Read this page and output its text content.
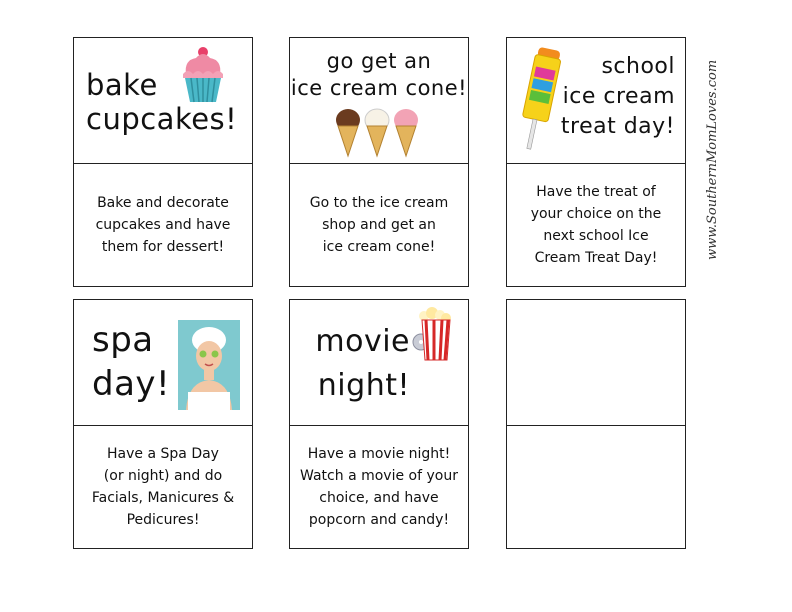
bake
cupcakes!
Bake and decorate
cupcakes and have
them for dessert!
go get an
ice cream cone!
Go to the ice cream
shop and get an
ice cream cone!
school
ice cream
treat day!
Have the treat of
your choice on the
next school Ice
Cream Treat Day!
spa
day!
Have a Spa Day
(or night) and do
Facials, Manicures &
Pedicures!
movie
night!
Have a movie night!
Watch a movie of your
choice, and have
popcorn and candy!
www.SouthernMomLoves.com
